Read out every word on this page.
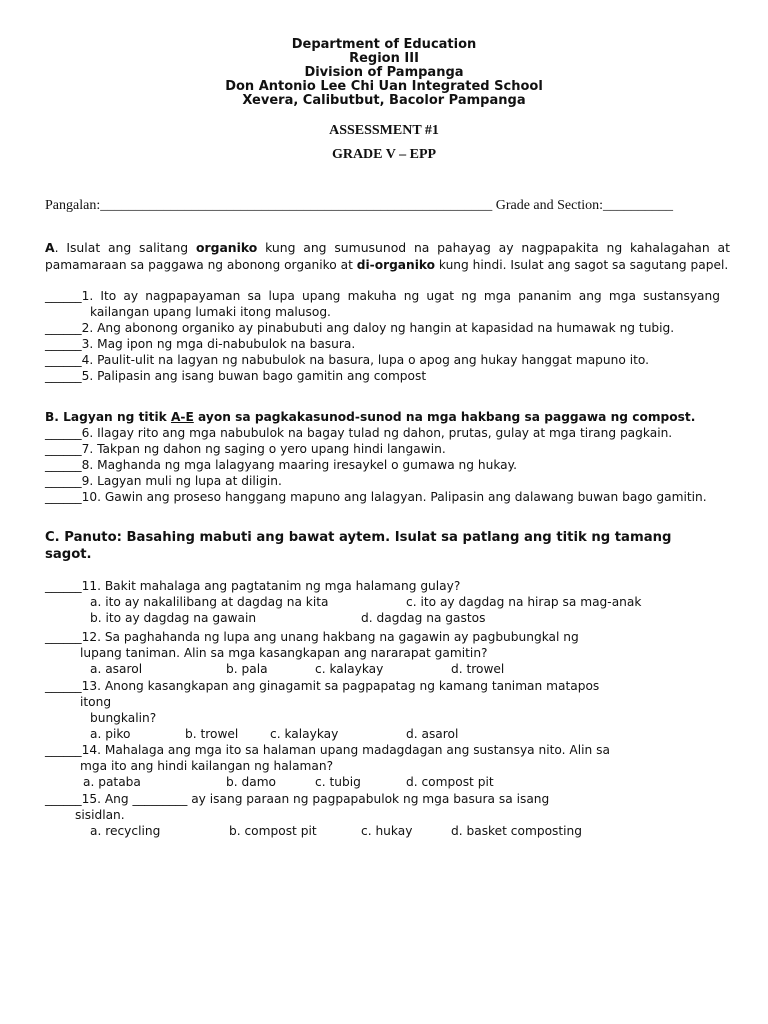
Department of Education
Region III
Division of Pampanga
Don Antonio Lee Chi Uan Integrated School
Xevera, Calibutbut, Bacolor Pampanga
ASSESSMENT #1
GRADE V – EPP
Pangalan:________________________________________________________ Grade and Section:__________
A. Isulat ang salitang organiko kung ang sumusunod na pahayag ay nagpapakita ng kahalagahan at
pamamaraan sa paggawa ng abonong organiko at di-organiko kung hindi. Isulat ang sagot sa sagutang papel.
______1. Ito ay nagpapayaman sa lupa upang makuha ng ugat ng mga pananim ang mga sustansyang
kailangan upang lumaki itong malusog.
______2. Ang abonong organiko ay pinabubuti ang daloy ng hangin at kapasidad na humawak ng tubig.
______3. Mag ipon ng mga di-nabubulok na basura.
______4. Paulit-ulit na lagyan ng nabubulok na basura, lupa o apog ang hukay hanggat mapuno ito.
______5. Palipasin ang isang buwan bago gamitin ang compost
B. Lagyan ng titik A-E ayon sa pagkakasunod-sunod na mga hakbang sa paggawa ng compost.
______6. Ilagay rito ang mga nabubulok na bagay tulad ng dahon, prutas, gulay at mga tirang pagkain.
______7. Takpan ng dahon ng saging o yero upang hindi langawin.
______8. Maghanda ng mga lalagyang maaring iresaykel o gumawa ng hukay.
______9. Lagyan muli ng lupa at diligin.
______10. Gawin ang proseso hanggang mapuno ang lalagyan. Palipasin ang dalawang buwan bago gamitin.
C. Panuto: Basahing mabuti ang bawat aytem. Isulat sa patlang ang titik ng tamang
sagot.
______11. Bakit mahalaga ang pagtatanim ng mga halamang gulay?
a. ito ay nakalilibang at dagdag na kita	c. ito ay dagdag na hirap sa mag-anak
b. ito ay dagdag na gawain	d. dagdag na gastos
______12. Sa paghahanda ng lupa ang unang hakbang na gagawin ay pagbubungkal ng
lupang taniman. Alin sa mga kasangkapan ang nararapat gamitin?
a. asarol	b. pala	c. kalaykay	d. trowel
______13. Anong kasangkapan ang ginagamit sa pagpapatag ng kamang taniman matapos
itong
bungkalin?
a. piko	b. trowel	c. kalaykay	d. asarol
______14. Mahalaga ang mga ito sa halaman upang madagdagan ang sustansya nito. Alin sa
mga ito ang hindi kailangan ng halaman?
a. pataba	b. damo	c. tubig	d. compost pit
______15. Ang _________ ay isang paraan ng pagpapabulok ng mga basura sa isang
sisidlan.
a. recycling	b. compost pit	c. hukay	d. basket composting
